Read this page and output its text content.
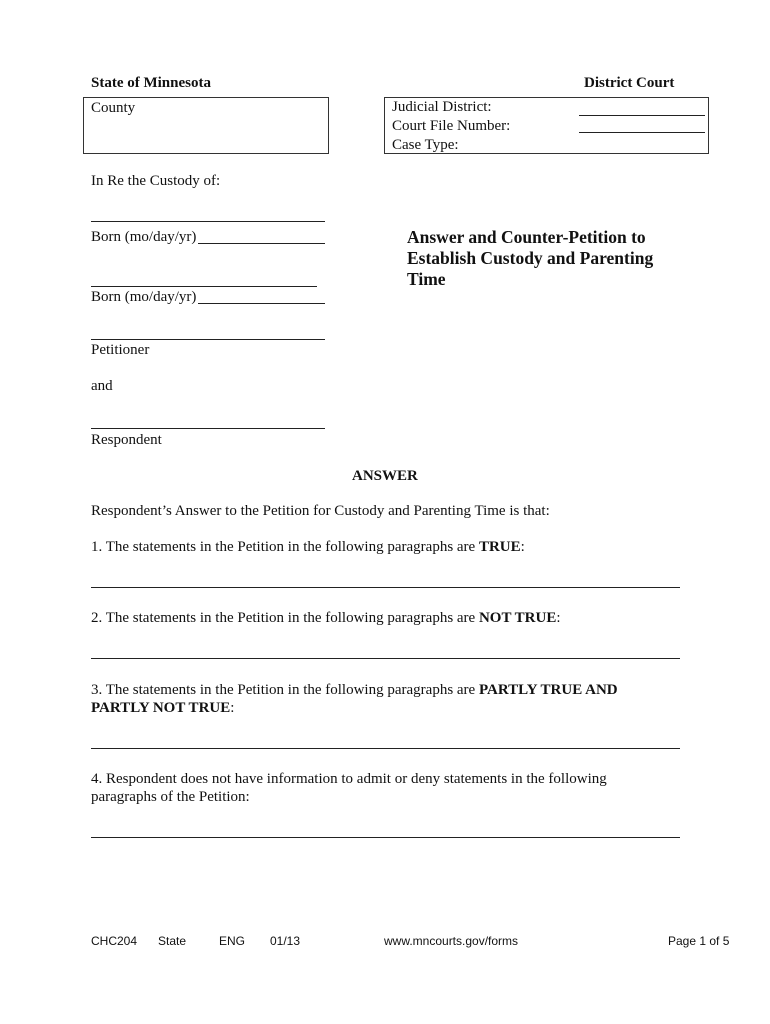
State of Minnesota	District Court
County	Judicial District:
Court File Number:
Case Type:
In Re the Custody of:
Born (mo/day/yr)
Born (mo/day/yr)
Petitioner
and
Respondent
Answer and Counter-Petition to Establish Custody and Parenting Time
ANSWER
Respondent’s Answer to the Petition for Custody and Parenting Time is that:
1. The statements in the Petition in the following paragraphs are TRUE:
2. The statements in the Petition in the following paragraphs are NOT TRUE:
3. The statements in the Petition in the following paragraphs are PARTLY TRUE AND PARTLY NOT TRUE:
4. Respondent does not have information to admit or deny statements in the following paragraphs of the Petition:
CHC204 State	ENG 01/13	www.mncourts.gov/forms	Page 1 of 5
